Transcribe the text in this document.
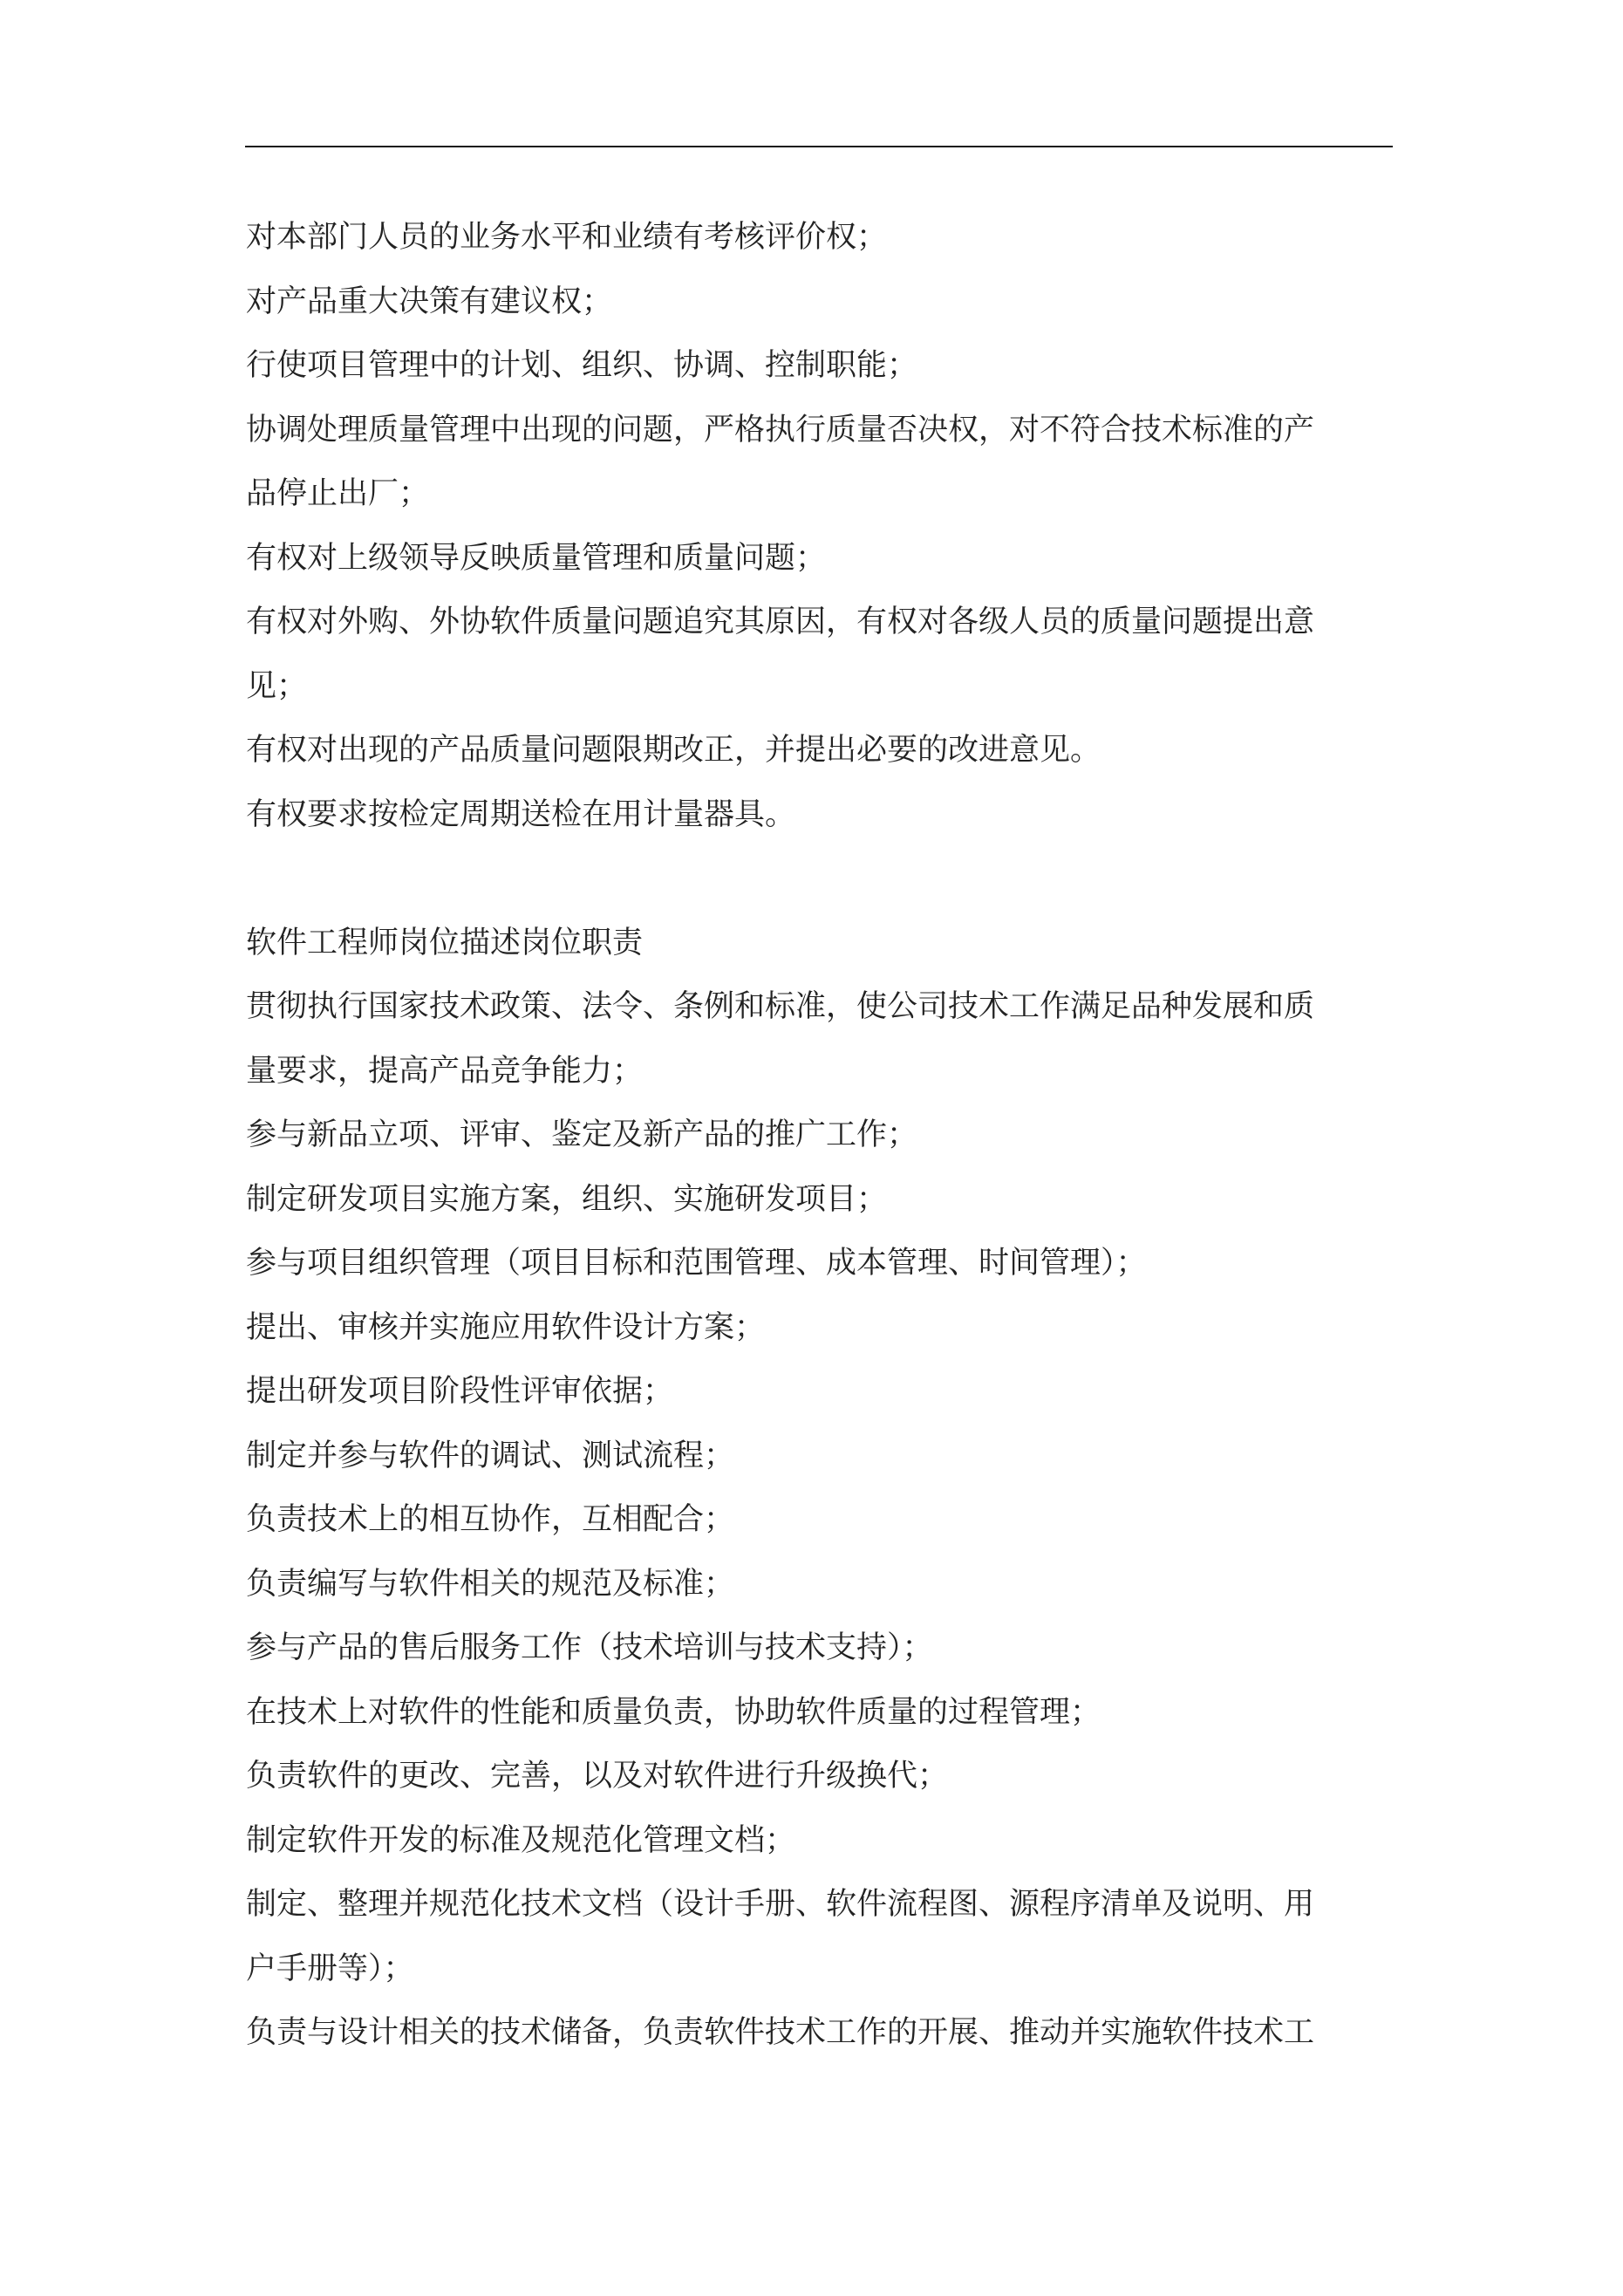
对本部门人员的业务水平和业绩有考核评价权；
对产品重大决策有建议权；
行使项目管理中的计划、组织、协调、控制职能；
协调处理质量管理中出现的问题，严格执行质量否决权，对不符合技术标准的产
品停止出厂；
有权对上级领导反映质量管理和质量问题；
有权对外购、外协软件质量问题追究其原因，有权对各级人员的质量问题提出意
见；
有权对出现的产品质量问题限期改正，并提出必要的改进意见。
有权要求按检定周期送检在用计量器具。
软件工程师岗位描述岗位职责
贯彻执行国家技术政策、法令、条例和标准，使公司技术工作满足品种发展和质
量要求，提高产品竞争能力；
参与新品立项、评审、鉴定及新产品的推广工作；
制定研发项目实施方案，组织、实施研发项目；
参与项目组织管理（项目目标和范围管理、成本管理、时间管理）；
提出、审核并实施应用软件设计方案；
提出研发项目阶段性评审依据；
制定并参与软件的调试、测试流程；
负责技术上的相互协作，互相配合；
负责编写与软件相关的规范及标准；
参与产品的售后服务工作（技术培训与技术支持）；
在技术上对软件的性能和质量负责，协助软件质量的过程管理；
负责软件的更改、完善，以及对软件进行升级换代；
制定软件开发的标准及规范化管理文档；
制定、整理并规范化技术文档（设计手册、软件流程图、源程序清单及说明、用
户手册等）；
负责与设计相关的技术储备，负责软件技术工作的开展、推动并实施软件技术工
